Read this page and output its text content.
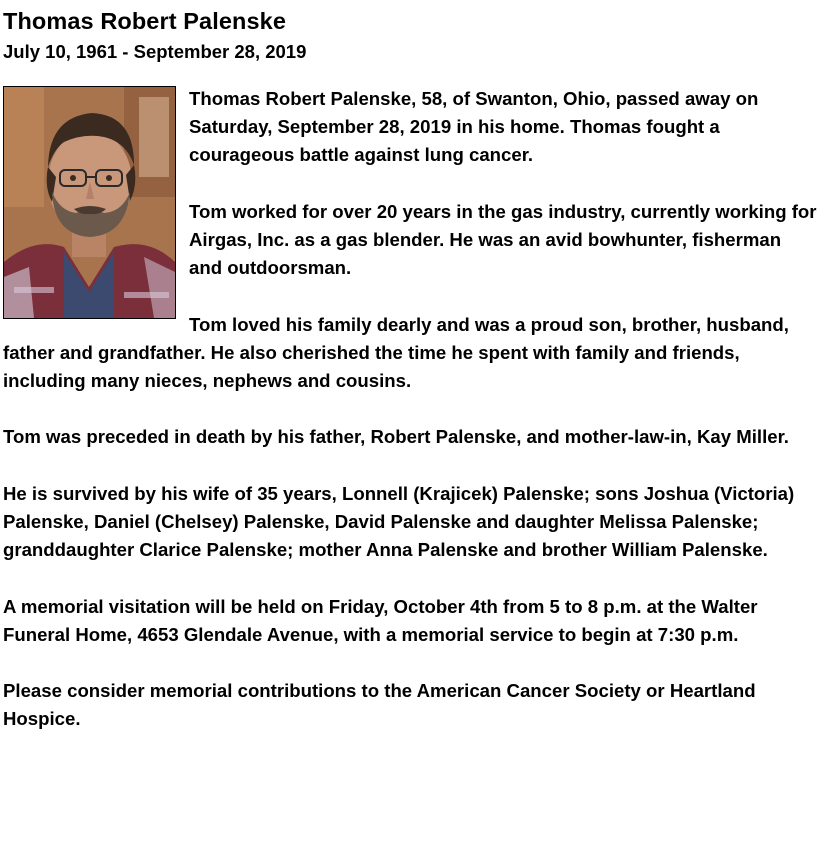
Thomas Robert Palenske
July 10, 1961 - September 28, 2019

Thomas Robert Palenske, 58, of Swanton, Ohio, passed away on Saturday, September 28, 2019 in his home. Thomas fought a courageous battle against lung cancer.

Tom worked for over 20 years in the gas industry, currently working for Airgas, Inc. as a gas blender. He was an avid bowhunter, fisherman and outdoorsman.

Tom loved his family dearly and was a proud son, brother, husband, father and grandfather. He also cherished the time he spent with family and friends, including many nieces, nephews and cousins.

Tom was preceded in death by his father, Robert Palenske, and mother-law-in, Kay Miller.

He is survived by his wife of 35 years, Lonnell (Krajicek) Palenske; sons Joshua (Victoria) Palenske, Daniel (Chelsey) Palenske, David Palenske and daughter Melissa Palenske; granddaughter Clarice Palenske; mother Anna Palenske and brother William Palenske.

A memorial visitation will be held on Friday, October 4th from 5 to 8 p.m. at the Walter Funeral Home, 4653 Glendale Avenue, with a memorial service to begin at 7:30 p.m.

Please consider memorial contributions to the American Cancer Society or Heartland Hospice.
